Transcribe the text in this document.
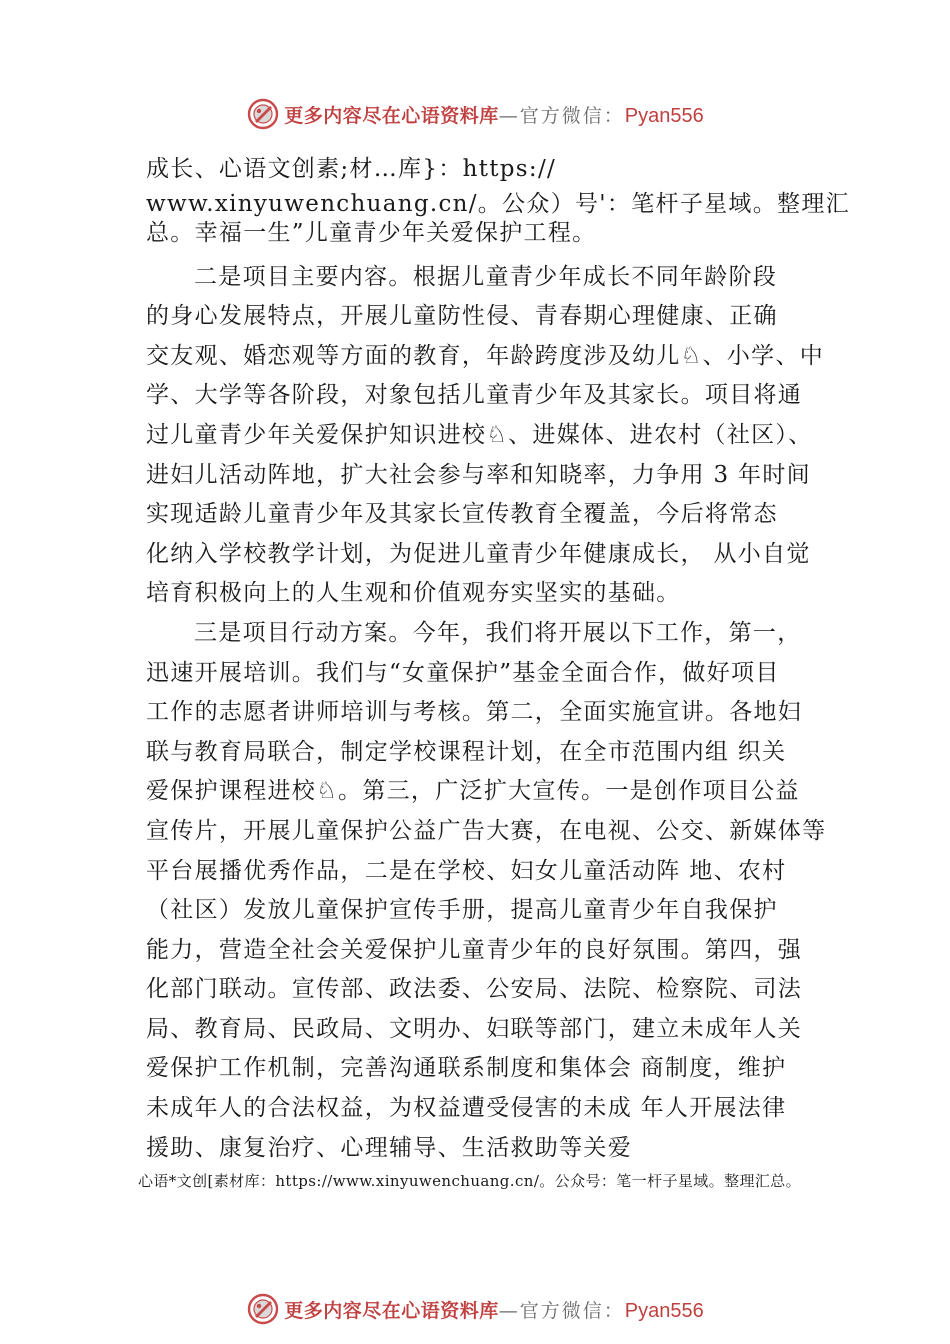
更多内容尽在心语资料库 — 官方微信： Pyan556
成长、心语文创素;材…库}：https://
www.xinyuwenchuang.cn/。公众）号'：笔杆子星域。整理汇
总。幸福一生”儿童青少年关爱保护工程。
二是项目主要内容。根据儿童青少年成长不同年龄阶段
的身心发展特点，开展儿童防性侵、青春期心理健康、正确
交友观、婚恋观等方面的教育，年龄跨度涉及幼儿♘、小学、中
学、大学等各阶段，对象包括儿童青少年及其家长。项目将通
过儿童青少年关爱保护知识进校♘、进媒体、进农村（社区）、
进妇儿活动阵地，扩大社会参与率和知晓率，力争用 3 年时间
实现适龄儿童青少年及其家长宣传教育全覆盖，今后将常态
化纳入学校教学计划，为促进儿童青少年健康成长， 从小自觉
培育积极向上的人生观和价值观夯实坚实的基础。
三是项目行动方案。今年，我们将开展以下工作，第一，
迅速开展培训。我们与“女童保护”基金全面合作，做好项目
工作的志愿者讲师培训与考核。第二，全面实施宣讲。各地妇
联与教育局联合，制定学校课程计划，在全市范围内组 织关
爱保护课程进校♘。第三，广泛扩大宣传。一是创作项目公益
宣传片，开展儿童保护公益广告大赛，在电视、公交、新媒体等
平台展播优秀作品，二是在学校、妇女儿童活动阵 地、农村
（社区）发放儿童保护宣传手册，提高儿童青少年自我保护
能力，营造全社会关爱保护儿童青少年的良好氛围。第四，强
化部门联动。宣传部、政法委、公安局、法院、检察院、司法
局、教育局、民政局、文明办、妇联等部门，建立未成年人关
爱保护工作机制，完善沟通联系制度和集体会 商制度，维护
未成年人的合法权益，为权益遭受侵害的未成 年人开展法律
援助、康复治疗、心理辅导、生活救助等关爱
心语*文创[素材库：https://www.xinyuwenchuang.cn/。公众号：笔一杆子星域。整理汇总。
更多内容尽在心语资料库 — 官方微信： Pyan556
